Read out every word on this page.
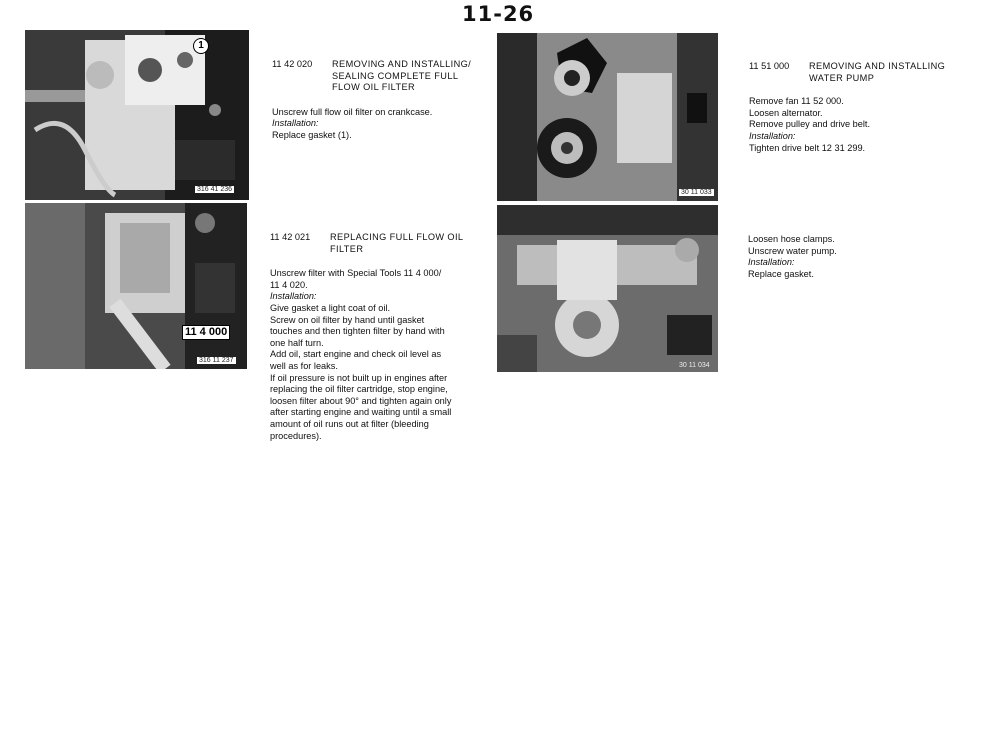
11-26
1
316 41 236
11 4 000
316 11 237
30 11 033
30 11 034
11 42 020	REMOVING AND INSTALLING/
SEALING COMPLETE FULL
FLOW OIL FILTER
Unscrew full flow oil filter on crankcase.
Installation:
Replace gasket (1).
11 42 021	REPLACING FULL FLOW OIL
FILTER
Unscrew filter with Special Tools 11 4 000/
11 4 020.
Installation:
Give gasket a light coat of oil.
Screw on oil filter by hand until gasket
touches and then tighten filter by hand with
one half turn.
Add oil, start engine and check oil level as
well as for leaks.
If oil pressure is not built up in engines after
replacing the oil filter cartridge, stop engine,
loosen filter about 90° and tighten again only
after starting engine and waiting until a small
amount of oil runs out at filter (bleeding
procedures).
11 51 000	REMOVING AND INSTALLING
WATER PUMP
Remove fan 11 52 000.
Loosen alternator.
Remove pulley and drive belt.
Installation:
Tighten drive belt 12 31 299.
Loosen hose clamps.
Unscrew water pump.
Installation:
Replace gasket.
